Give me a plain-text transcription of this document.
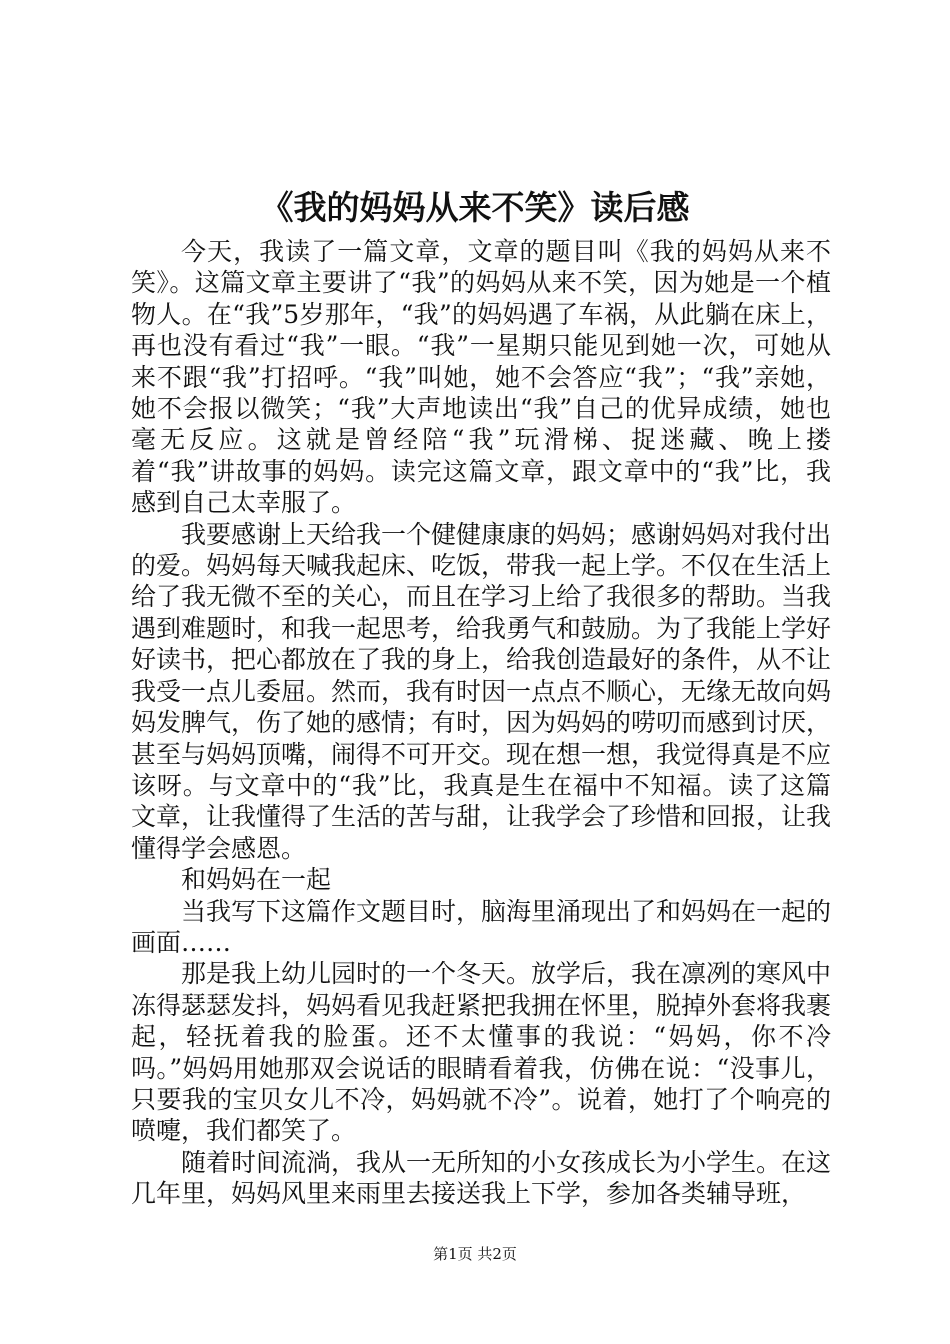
《我的妈妈从来不笑》读后感

今天，我读了一篇文章，文章的题目叫《我的妈妈从来不笑》。这篇文章主要讲了“我”的妈妈从来不笑，因为她是一个植物人。在“我”5岁那年，“我”的妈妈遇了车祸，从此躺在床上，再也没有看过“我”一眼。“我”一星期只能见到她一次，可她从来不跟“我”打招呼。“我”叫她，她不会答应“我”；“我”亲她，她不会报以微笑；“我”大声地读出“我”自己的优异成绩，她也毫无反应。这就是曾经陪“我”玩滑梯、捉迷藏、晚上搂着“我”讲故事的妈妈。读完这篇文章，跟文章中的“我”比，我感到自己太幸服了。

我要感谢上天给我一个健健康康的妈妈；感谢妈妈对我付出的爱。妈妈每天喊我起床、吃饭，带我一起上学。不仅在生活上给了我无微不至的关心，而且在学习上给了我很多的帮助。当我遇到难题时，和我一起思考，给我勇气和鼓励。为了我能上学好好读书，把心都放在了我的身上，给我创造最好的条件，从不让我受一点儿委屈。然而，我有时因一点点不顺心，无缘无故向妈妈发脾气，伤了她的感情；有时，因为妈妈的唠叨而感到讨厌，甚至与妈妈顶嘴，闹得不可开交。现在想一想，我觉得真是不应该呀。与文章中的“我”比，我真是生在福中不知福。读了这篇文章，让我懂得了生活的苦与甜，让我学会了珍惜和回报，让我懂得学会感恩。

和妈妈在一起

当我写下这篇作文题目时，脑海里涌现出了和妈妈在一起的画面……

那是我上幼儿园时的一个冬天。放学后，我在凛冽的寒风中冻得瑟瑟发抖，妈妈看见我赶紧把我拥在怀里，脱掉外套将我裹起，轻抚着我的脸蛋。还不太懂事的我说：“妈妈，你不冷吗。”妈妈用她那双会说话的眼睛看着我，仿佛在说：“没事儿，只要我的宝贝女儿不冷，妈妈就不冷”。说着，她打了个响亮的喷嚏，我们都笑了。

随着时间流淌，我从一无所知的小女孩成长为小学生。在这几年里，妈妈风里来雨里去接送我上下学，参加各类辅导班，

第1页 共2页
